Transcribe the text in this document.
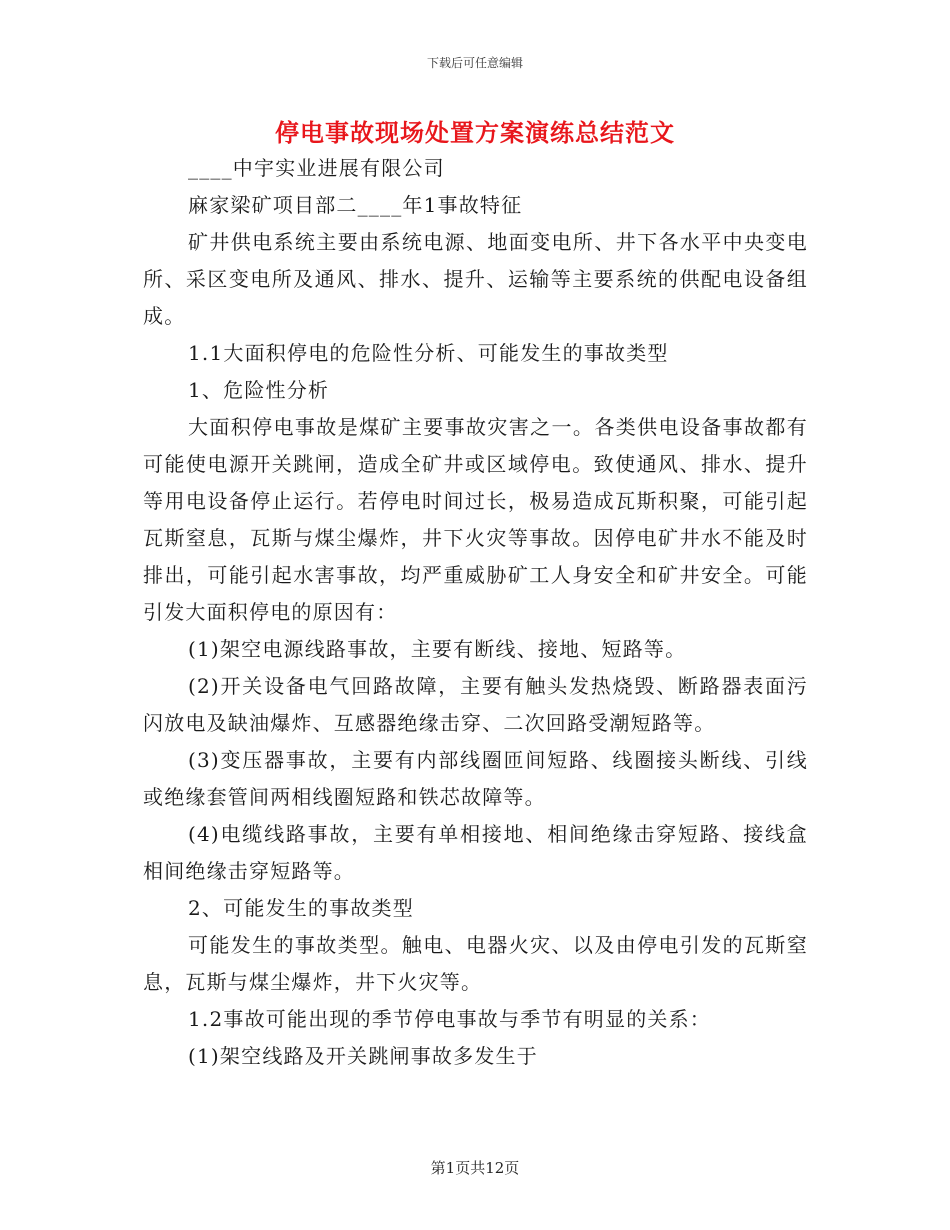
下载后可任意编辑
停电事故现场处置方案演练总结范文

____中宇实业进展有限公司

麻家梁矿项目部二____年1事故特征

矿井供电系统主要由系统电源、地面变电所、井下各水平中央变电所、采区变电所及通风、排水、提升、运输等主要系统的供配电设备组成。

1.1大面积停电的危险性分析、可能发生的事故类型

1、危险性分析

大面积停电事故是煤矿主要事故灾害之一。各类供电设备事故都有可能使电源开关跳闸，造成全矿井或区域停电。致使通风、排水、提升等用电设备停止运行。若停电时间过长，极易造成瓦斯积聚，可能引起瓦斯窒息，瓦斯与煤尘爆炸，井下火灾等事故。因停电矿井水不能及时排出，可能引起水害事故，均严重威胁矿工人身安全和矿井安全。可能引发大面积停电的原因有：

(1)架空电源线路事故，主要有断线、接地、短路等。

(2)开关设备电气回路故障，主要有触头发热烧毁、断路器表面污闪放电及缺油爆炸、互感器绝缘击穿、二次回路受潮短路等。

(3)变压器事故，主要有内部线圈匝间短路、线圈接头断线、引线或绝缘套管间两相线圈短路和铁芯故障等。

(4)电缆线路事故，主要有单相接地、相间绝缘击穿短路、接线盒相间绝缘击穿短路等。

2、可能发生的事故类型

可能发生的事故类型。触电、电器火灾、以及由停电引发的瓦斯窒息，瓦斯与煤尘爆炸，井下火灾等。

1.2事故可能出现的季节停电事故与季节有明显的关系：

(1)架空线路及开关跳闸事故多发生于

第1页共12页
